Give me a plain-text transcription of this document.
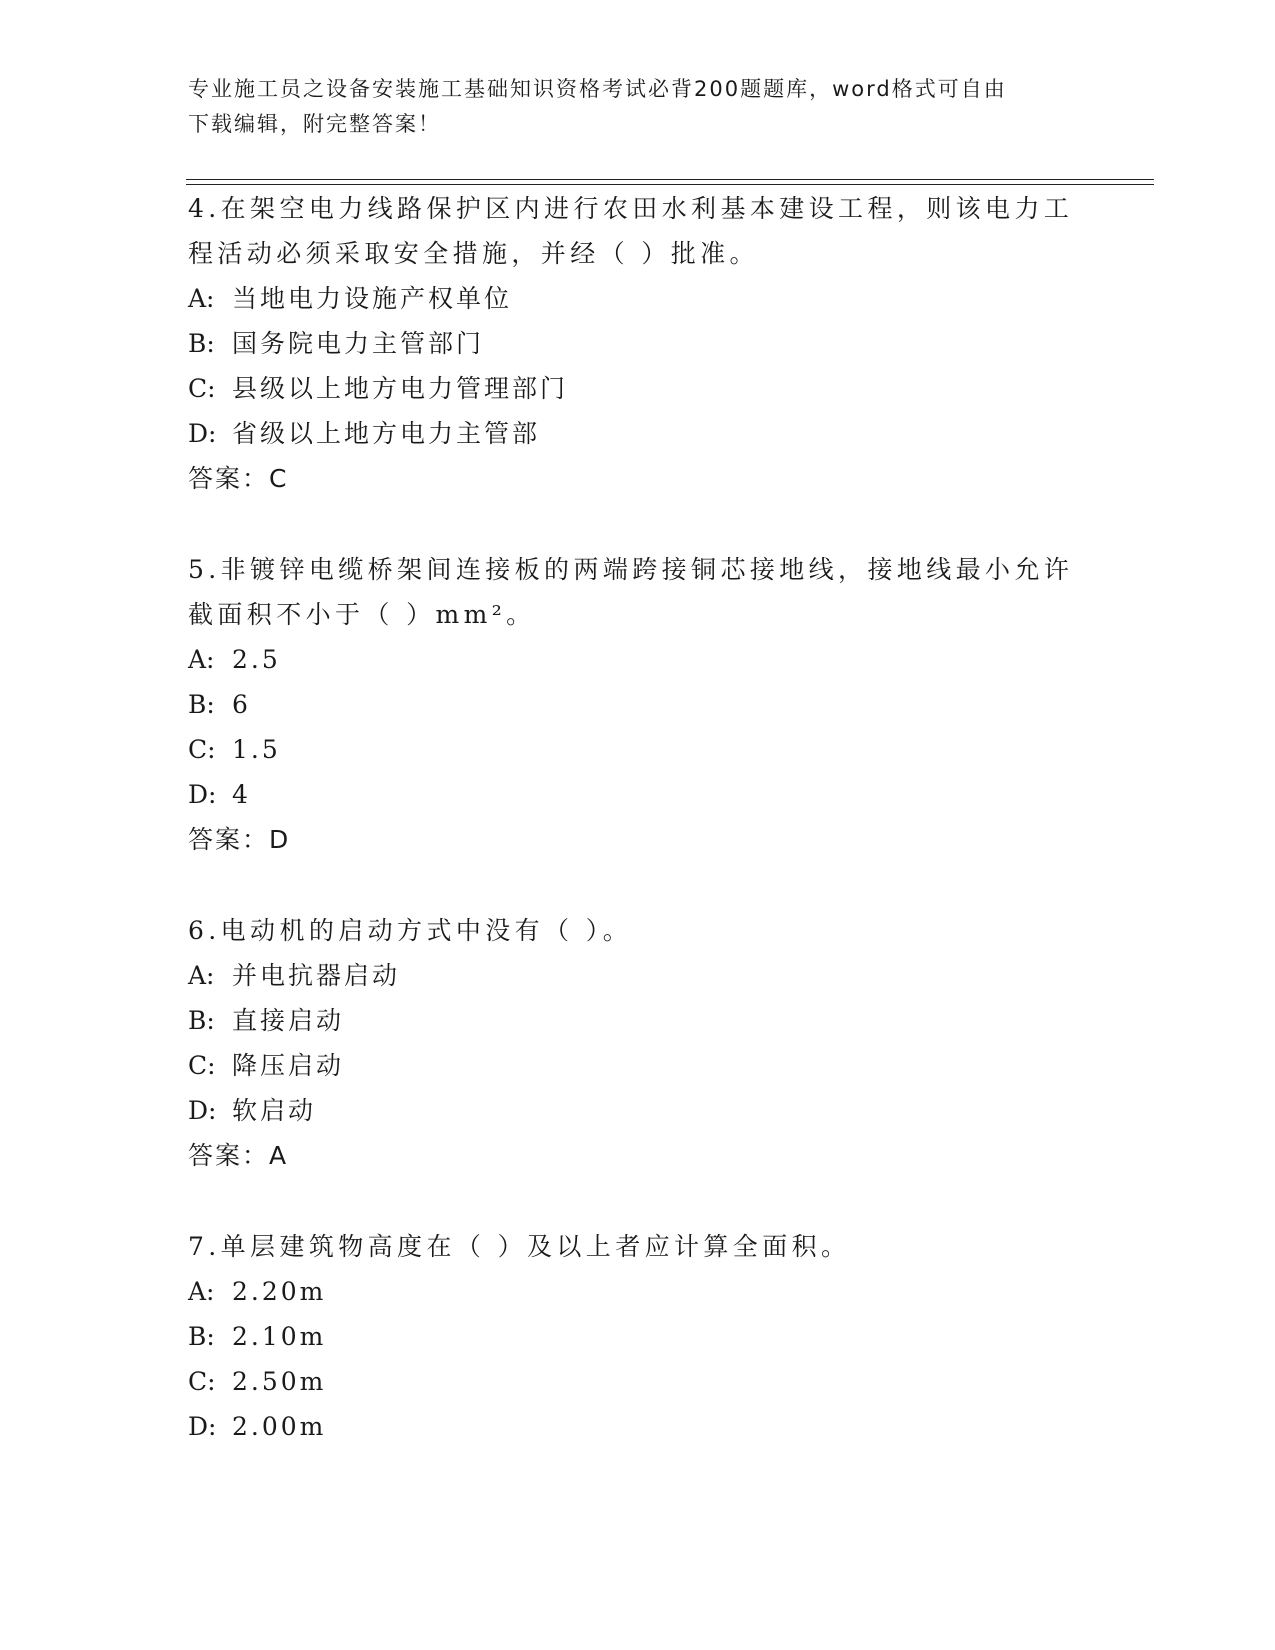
专业施工员之设备安装施工基础知识资格考试必背200题题库，word格式可自由
下载编辑，附完整答案！
4.在架空电力线路保护区内进行农田水利基本建设工程，则该电力工
程活动必须采取安全措施，并经（ ）批准。
A: 当地电力设施产权单位
B: 国务院电力主管部门
C: 县级以上地方电力管理部门
D: 省级以上地方电力主管部
答案：C
5.非镀锌电缆桥架间连接板的两端跨接铜芯接地线，接地线最小允许
截面积不小于（ ）mm²。
A: 2.5
B: 6
C: 1.5
D: 4
答案：D
6.电动机的启动方式中没有（ ）。
A: 并电抗器启动
B: 直接启动
C: 降压启动
D: 软启动
答案：A
7.单层建筑物高度在（ ）及以上者应计算全面积。
A: 2.20m
B: 2.10m
C: 2.50m
D: 2.00m
